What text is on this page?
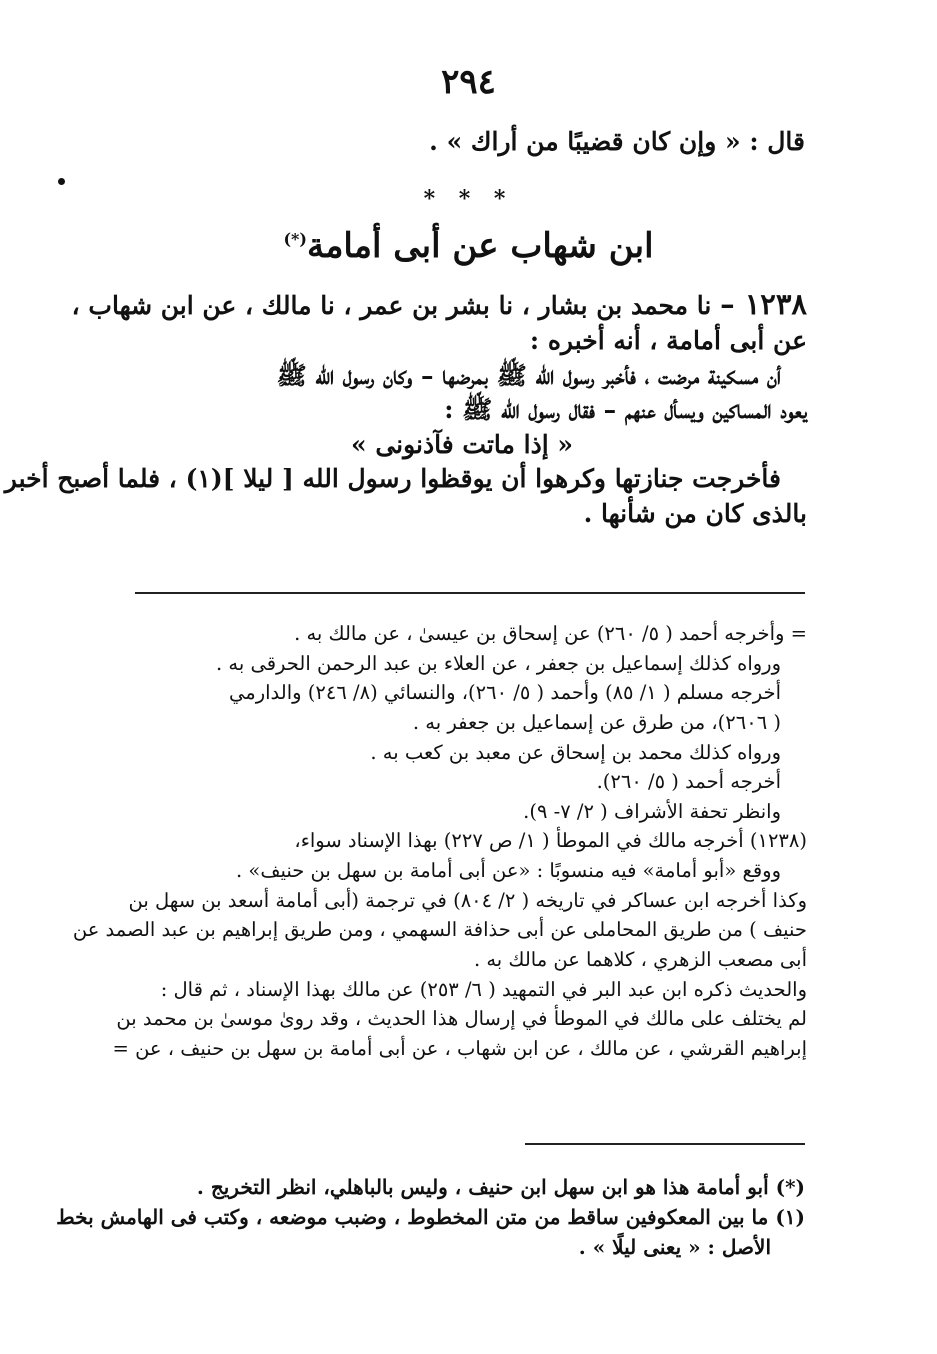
٢٩٤
قال : « وإن كان قضيبًا من أراك » .
* * *
ابن شهاب عن أبى أمامة(*)
١٢٣٨ – نا محمد بن بشار ، نا بشر بن عمر ، نا مالك ، عن ابن شهاب ،
عن أبى أمامة ، أنه أخبره :
أن مسكينة مرضت ، فأخبر رسول الله ﷺ بمرضها – وكان رسول الله ﷺ
يعود المساكين ويسأل عنهم – فقال رسول الله ﷺ :
« إذا ماتت فآذنونى »
فأخرجت جنازتها وكرهوا أن يوقظوا رسول الله [ ليلا ](١) ، فلما أصبح أخبر
بالذى كان من شأنها .
= وأخرجه أحمد ( ٥/ ٢٦٠) عن إسحاق بن عيسىٰ ، عن مالك به .
ورواه كذلك إسماعيل بن جعفر ، عن العلاء بن عبد الرحمن الحرقى به .
أخرجه مسلم ( ١/ ٨٥) وأحمد ( ٥/ ٢٦٠)، والنسائي (٨/ ٢٤٦) والدارمي
( ٢٦٠٦)، من طرق عن إسماعيل بن جعفر به .
ورواه كذلك محمد بن إسحاق عن معبد بن كعب به .
أخرجه أحمد ( ٥/ ٢٦٠).
وانظر تحفة الأشراف ( ٢/ ٧- ٩).
(١٢٣٨) أخرجه مالك في الموطأ ( ١/ ص ٢٢٧) بهذا الإسناد سواء،
ووقع «أبو أمامة» فيه منسوبًا : «عن أبى أمامة بن سهل بن حنيف» .
وكذا أخرجه ابن عساكر في تاريخه ( ٢/ ٨٠٤) في ترجمة (أبى أمامة أسعد بن سهل بن
حنيف ) من طريق المحاملى عن أبى حذافة السهمي ، ومن طريق إبراهيم بن عبد الصمد عن
أبى مصعب الزهري ، كلاهما عن مالك به .
والحديث ذكره ابن عبد البر في التمهيد ( ٦/ ٢٥٣) عن مالك بهذا الإسناد ، ثم قال :
لم يختلف على مالك في الموطأ في إرسال هذا الحديث ، وقد روىٰ موسىٰ بن محمد بن
إبراهيم القرشي ، عن مالك ، عن ابن شهاب ، عن أبى أمامة بن سهل بن حنيف ، عن =
(*) أبو أمامة هذا هو ابن سهل ابن حنيف ، وليس بالباهلي، انظر التخريج .
(١) ما بين المعكوفين ساقط من متن المخطوط ، وضبب موضعه ، وكتب فى الهامش بخط
الأصل : « يعنى ليلًا » .
